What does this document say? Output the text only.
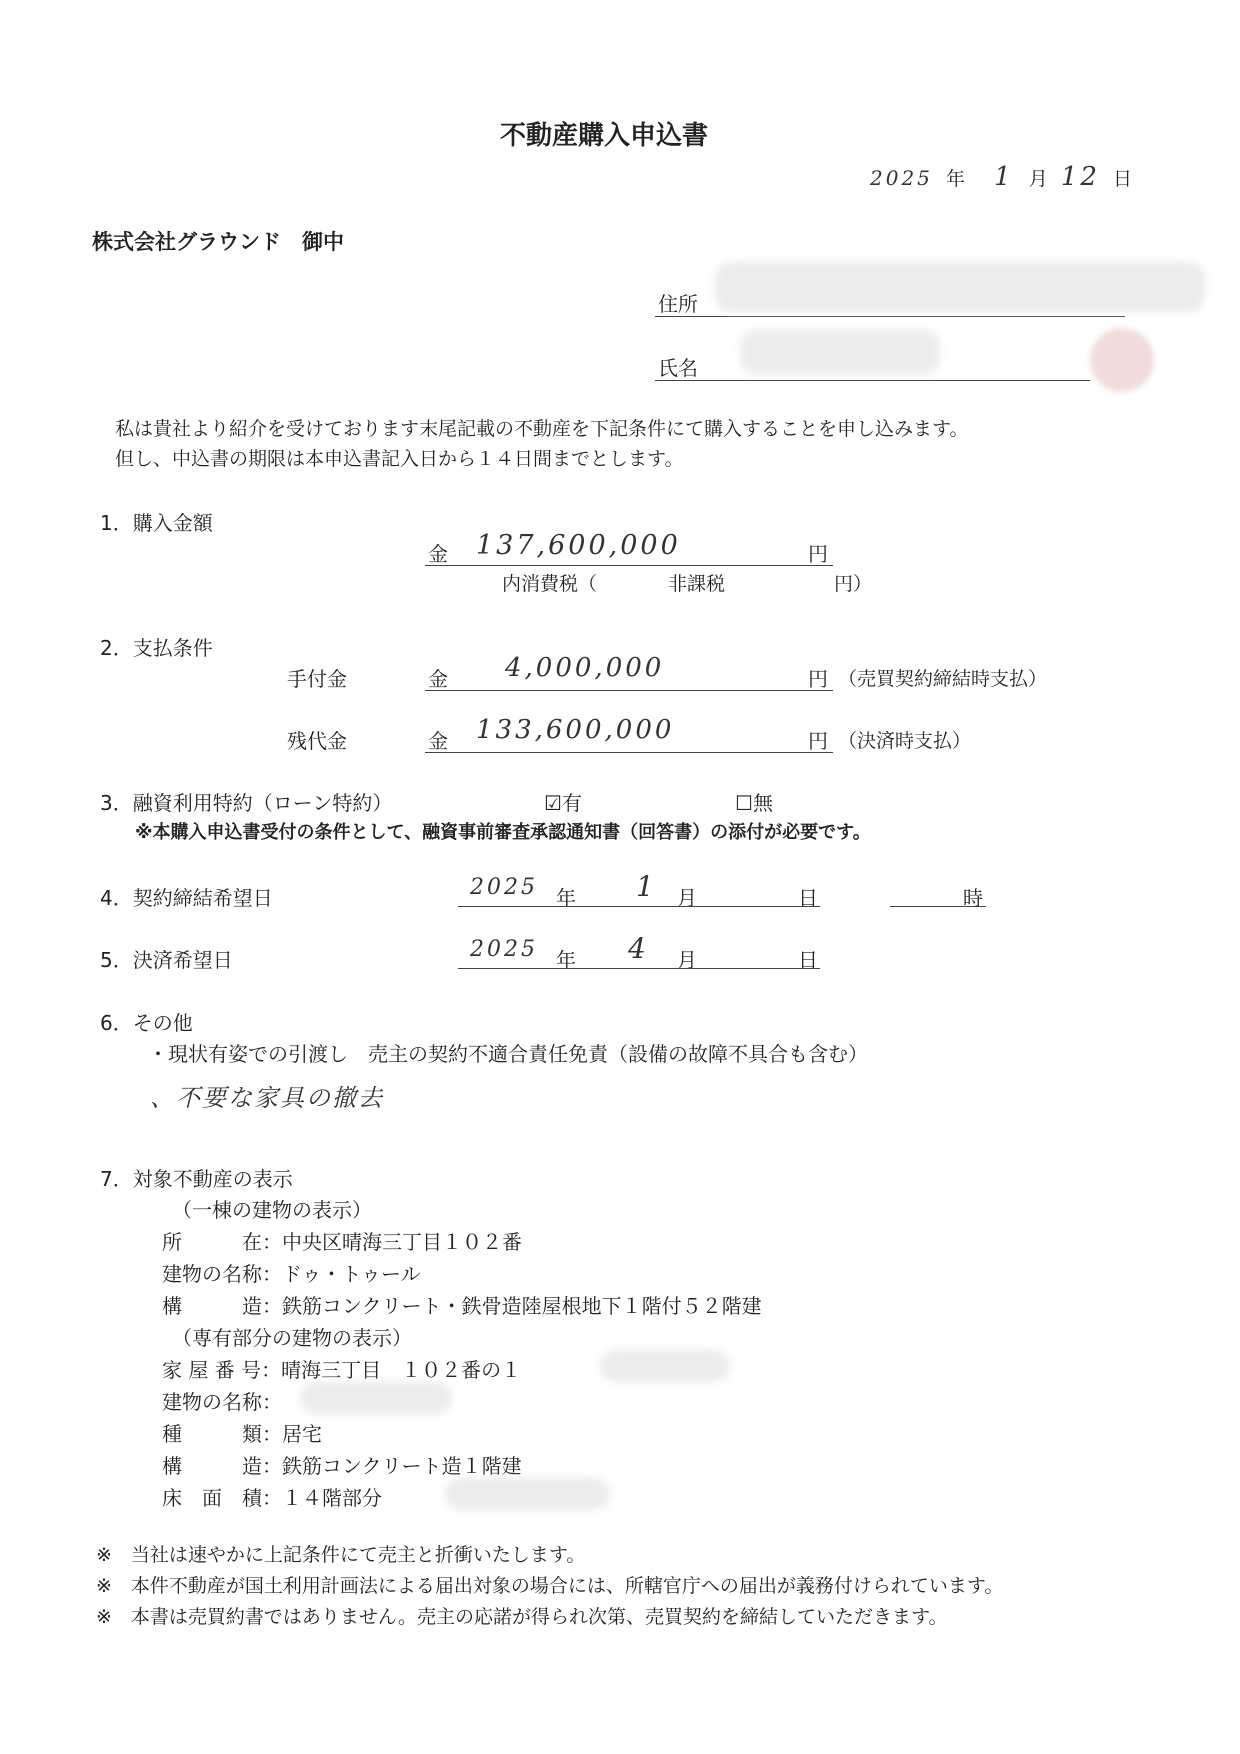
不動産購入申込書
2025 年 1 月 12 日
株式会社グラウンド　御中
住所
氏名
私は貴社より紹介を受けております末尾記載の不動産を下記条件にて購入することを申し込みます。
但し、中込書の期限は本申込書記入日から１４日間までとします。
1．購入金額
金 137,600,000	円
内消費税（	非課税	円）
2．支払条件
手付金	金 4,000,000	円 （売買契約締結時支払）
残代金	金 133,600,000	円 （決済時支払）
3．融資利用特約（ローン特約）	☑有	☐無
※本購入申込書受付の条件として、融資事前審査承認通知書（回答書）の添付が必要です。
4．契約締結希望日	2025 年 1 月	日	時
5．決済希望日	2025 年 4 月	日
6．その他
・現状有姿での引渡し　売主の契約不適合責任免責（設備の故障不具合も含む）
、不要な家具の撤去
7．対象不動産の表示
（一棟の建物の表示）
所　　　在：中央区晴海三丁目１０２番
建物の名称：ドゥ・トゥール
構　　　造：鉄筋コンクリート・鉄骨造陸屋根地下１階付５２階建
（専有部分の建物の表示）
家 屋 番 号：晴海三丁目　１０２番の１
建物の名称：
種　　　類：居宅
構　　　造：鉄筋コンクリート造１階建
床　面　積：１４階部分
※　当社は速やかに上記条件にて売主と折衝いたします。
※　本件不動産が国土利用計画法による届出対象の場合には、所轄官庁への届出が義務付けられています。
※　本書は売買約書ではありません。売主の応諾が得られ次第、売買契約を締結していただきます。
